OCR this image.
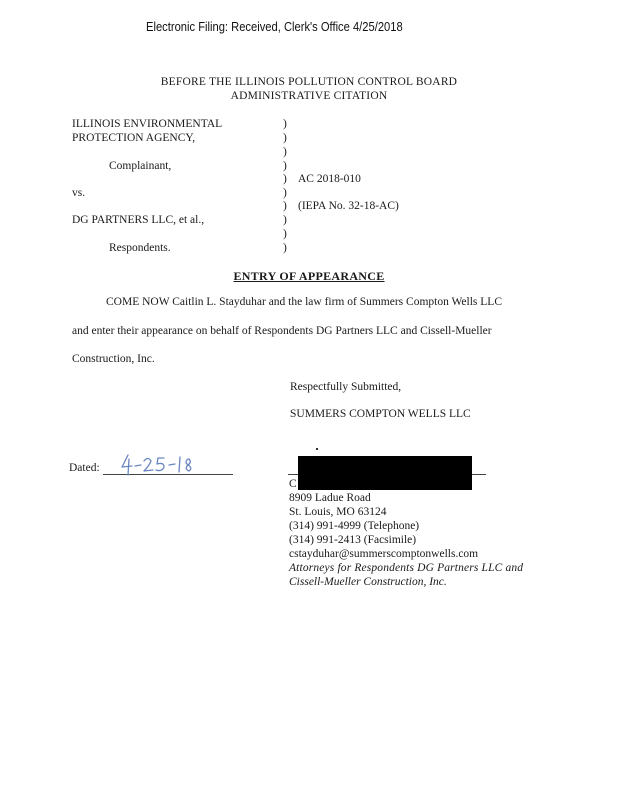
Electronic Filing: Received, Clerk's Office 4/25/2018
BEFORE THE ILLINOIS POLLUTION CONTROL BOARD
ADMINISTRATIVE CITATION
ILLINOIS ENVIRONMENTAL
PROTECTION AGENCY,
Complainant,
vs.
DG PARTNERS LLC, et al.,
Respondents.
)
)
)
)
)
)
)
)
)
)
AC 2018-010
(IEPA No. 32-18-AC)
ENTRY OF APPEARANCE
COME NOW Caitlin L. Stayduhar and the law firm of Summers Compton Wells LLC
and enter their appearance on behalf of Respondents DG Partners LLC and Cissell-Mueller
Construction, Inc.
Respectfully Submitted,
SUMMERS COMPTON WELLS LLC
Dated:
C
8909 Ladue Road
St. Louis, MO 63124
(314) 991-4999 (Telephone)
(314) 991-2413 (Facsimile)
cstayduhar@summerscomptonwells.com
Attorneys for Respondents DG Partners LLC and
Cissell-Mueller Construction, Inc.
